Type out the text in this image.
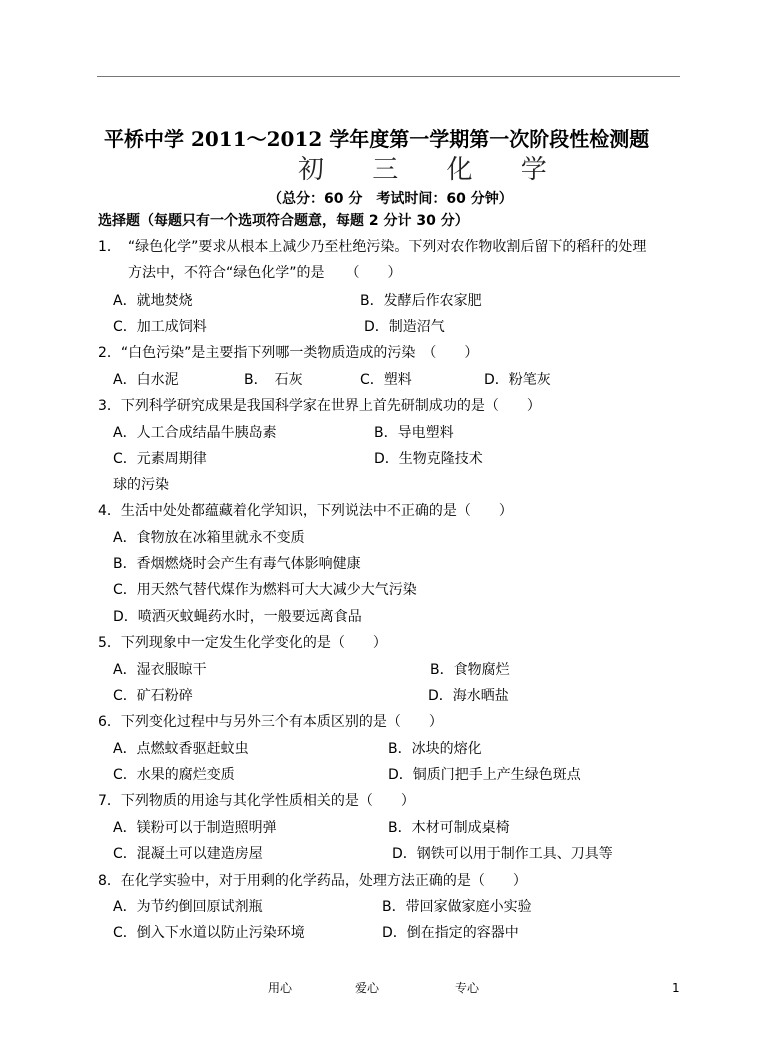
平桥中学 2011～2012 学年度第一学期第一次阶段性检测题
初 三 化 学
（总分：60 分　考试时间：60 分钟）
选择题（每题只有一个选项符合题意，每题 2 分计 30 分）
1．　“绿色化学”要求从根本上减少乃至杜绝污染。下列对农作物收割后留下的稻秆的处理
方法中，不符合“绿色化学”的是　　（　　）
A．就地焚烧	B．发酵后作农家肥
C．加工成饲料	D．制造沼气
2．“白色污染”是主要指下列哪一类物质造成的污染　（　　）
A．白水泥	B．　石灰	C．塑料	D．粉笔灰
3．下列科学研究成果是我国科学家在世界上首先研制成功的是（　　）
A．人工合成结晶牛胰岛素	B．导电塑料
C．元素周期律	D．生物克隆技术
球的污染
4．生活中处处都蕴藏着化学知识，下列说法中不正确的是（　　）
A．食物放在冰箱里就永不变质
B．香烟燃烧时会产生有毒气体影响健康
C．用天然气替代煤作为燃料可大大减少大气污染
D．喷洒灭蚊蝇药水时，一般要远离食品
5．下列现象中一定发生化学变化的是（　　）
A．湿衣服晾干	B．食物腐烂
C．矿石粉碎	D．海水晒盐
6．下列变化过程中与另外三个有本质区别的是（　　）
A．点燃蚊香驱赶蚊虫	B．冰块的熔化
C．水果的腐烂变质	D．铜质门把手上产生绿色斑点
7．下列物质的用途与其化学性质相关的是（　　）
A．镁粉可以于制造照明弹	B．木材可制成桌椅
C．混凝土可以建造房屋	D．钢铁可以用于制作工具、刀具等
8．在化学实验中，对于用剩的化学药品，处理方法正确的是（　　）
A．为节约倒回原试剂瓶	B．带回家做家庭小实验
C．倒入下水道以防止污染环境	D．倒在指定的容器中
用心	爱心	专心	1
